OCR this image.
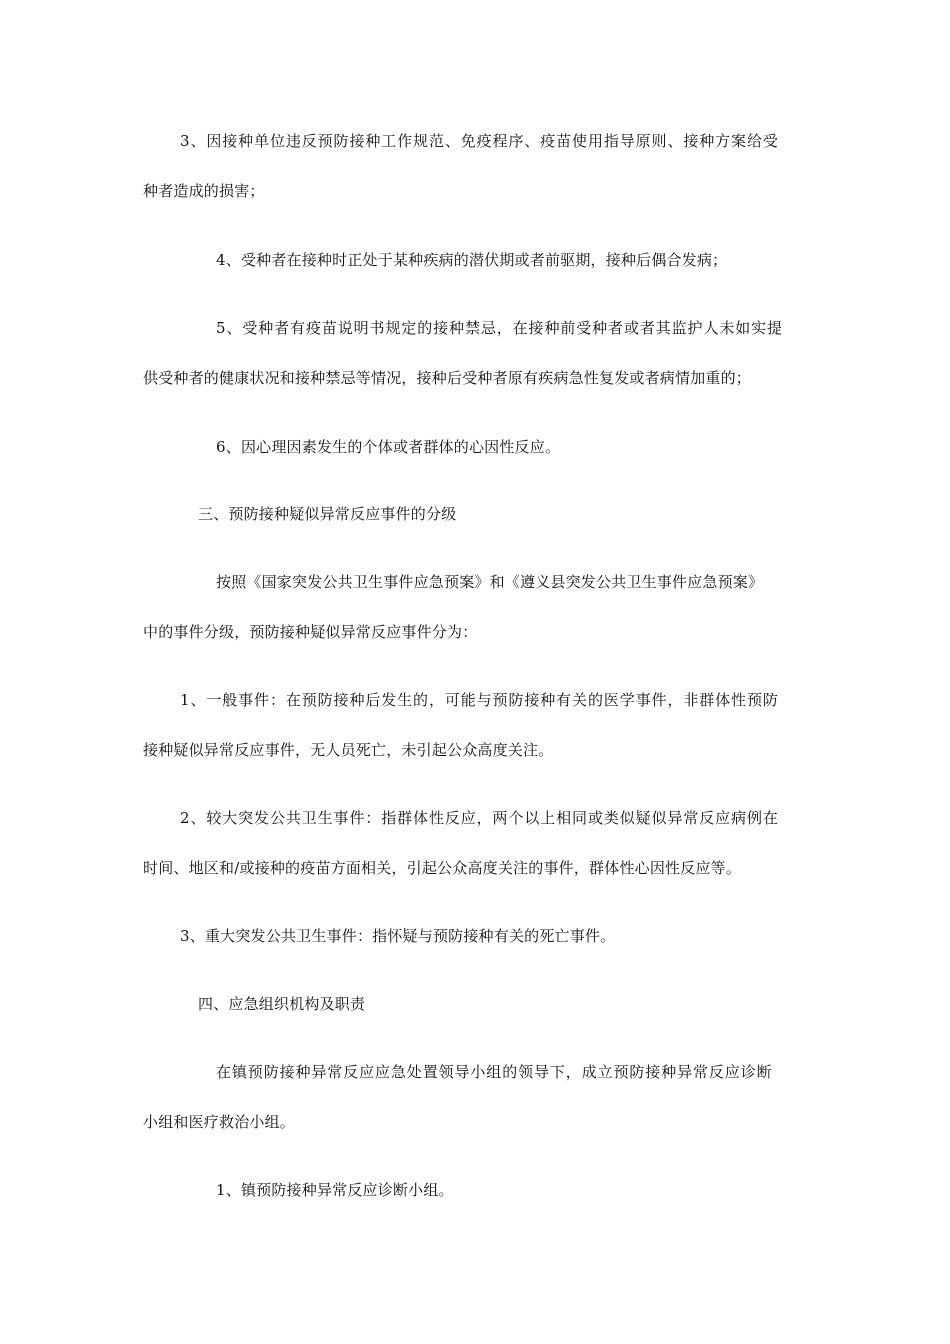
3、因接种单位违反预防接种工作规范、免疫程序、疫苗使用指导原则、接种方案给受
种者造成的损害；
4、受种者在接种时正处于某种疾病的潜伏期或者前驱期，接种后偶合发病；
5、受种者有疫苗说明书规定的接种禁忌，在接种前受种者或者其监护人未如实提
供受种者的健康状况和接种禁忌等情况，接种后受种者原有疾病急性复发或者病情加重的；
6、因心理因素发生的个体或者群体的心因性反应。
三、预防接种疑似异常反应事件的分级
按照《国家突发公共卫生事件应急预案》和《遵义县突发公共卫生事件应急预案》
中的事件分级，预防接种疑似异常反应事件分为：
1、一般事件：在预防接种后发生的，可能与预防接种有关的医学事件，非群体性预防
接种疑似异常反应事件，无人员死亡，未引起公众高度关注。
2、较大突发公共卫生事件：指群体性反应，两个以上相同或类似疑似异常反应病例在
时间、地区和/或接种的疫苗方面相关，引起公众高度关注的事件，群体性心因性反应等。
3、重大突发公共卫生事件：指怀疑与预防接种有关的死亡事件。
四、应急组织机构及职责
在镇预防接种异常反应应急处置领导小组的领导下，成立预防接种异常反应诊断
小组和医疗救治小组。
1、镇预防接种异常反应诊断小组。
